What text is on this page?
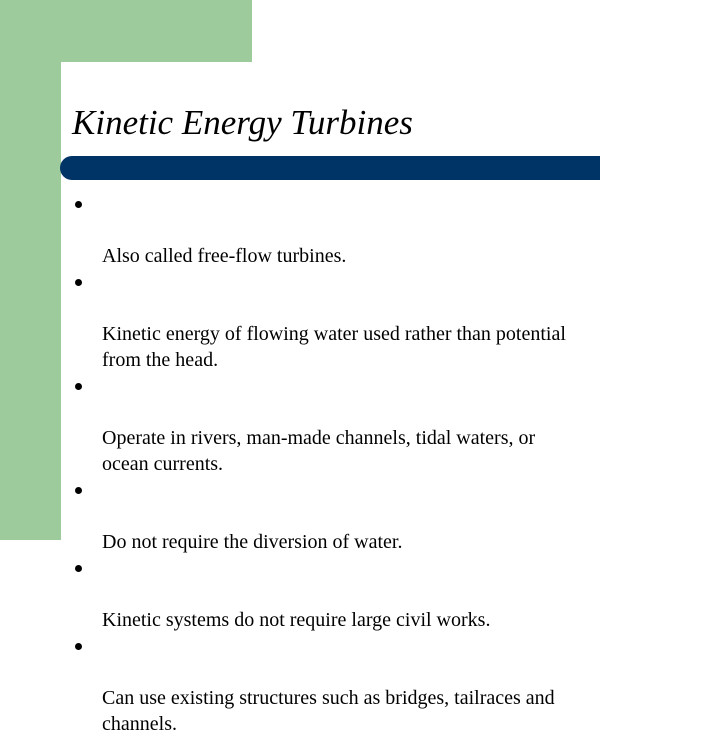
Kinetic Energy Turbines

Also called free-flow turbines.

Kinetic energy of flowing water used rather than potential
from the head.

Operate in rivers, man-made channels, tidal waters, or
ocean currents.

Do not require the diversion of water.

Kinetic systems do not require large civil works.

Can use existing structures such as bridges, tailraces and
channels.
